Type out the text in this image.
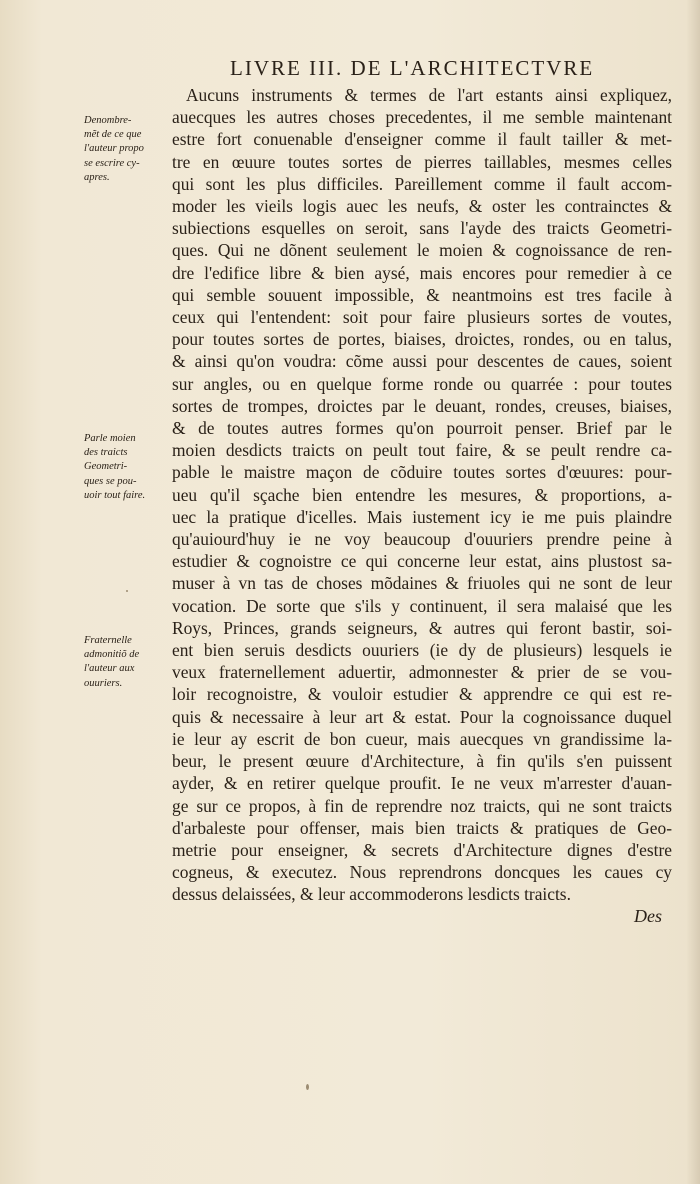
LIVRE III. DE L'ARCHITECTVRE
Aucuns instruments & termes de l'art estants ainsi expliquez,
auecques les autres choses precedentes, il me semble maintenant
estre fort conuenable d'enseigner comme il fault tailler & met-
tre en œuure toutes sortes de pierres taillables, mesmes celles
qui sont les plus difficiles. Pareillement comme il fault accom-
moder les vieils logis auec les neufs, & oster les contrainctes &
subiections esquelles on seroit, sans l'ayde des traicts Geometri-
ques. Qui ne dõnent seulement le moien & cognoissance de ren-
dre l'edifice libre & bien aysé, mais encores pour remedier à ce
qui semble souuent impossible, & neantmoins est tres facile à
ceux qui l'entendent: soit pour faire plusieurs sortes de voutes,
pour toutes sortes de portes, biaises, droictes, rondes, ou en talus,
& ainsi qu'on voudra: cõme aussi pour descentes de caues, soient
sur angles, ou en quelque forme ronde ou quarrée : pour toutes
sortes de trompes, droictes par le deuant, rondes, creuses, biaises,
& de toutes autres formes qu'on pourroit penser. Brief par le
moien desdicts traicts on peult tout faire, & se peult rendre ca-
pable le maistre maçon de cõduire toutes sortes d'œuures: pour-
ueu qu'il sçache bien entendre les mesures, & proportions, a-
uec la pratique d'icelles. Mais iustement icy ie me puis plaindre
qu'auiourd'huy ie ne voy beaucoup d'ouuriers prendre peine à
estudier & cognoistre ce qui concerne leur estat, ains plustost sa-
muser à vn tas de choses mõdaines & friuoles qui ne sont de leur
vocation. De sorte que s'ils y continuent, il sera malaisé que les
Roys, Princes, grands seigneurs, & autres qui feront bastir, soi-
ent bien seruis desdicts ouuriers (ie dy de plusieurs) lesquels ie
veux fraternellement aduertir, admonnester & prier de se vou-
loir recognoistre, & vouloir estudier & apprendre ce qui est re-
quis & necessaire à leur art & estat. Pour la cognoissance duquel
ie leur ay escrit de bon cueur, mais auecques vn grandissime la-
beur, le present œuure d'Architecture, à fin qu'ils s'en puissent
ayder, & en retirer quelque proufit. Ie ne veux m'arrester d'auan-
ge sur ce propos, à fin de reprendre noz traicts, qui ne sont traicts
d'arbaleste pour offenser, mais bien traicts & pratiques de Geo-
metrie pour enseigner, & secrets d'Architecture dignes d'estre
cogneus, & executez. Nous reprendrons doncques les caues cy
dessus delaissées, & leur accommoderons lesdicts traicts.
Denombre-
mẽt de ce que
l'auteur propo
se escrire cy-
apres.
Parle moien
des traicts
Geometri-
ques se pou-
uoir tout faire.
Fraternelle
admonitiõ de
l'auteur aux
ouuriers.
Des
